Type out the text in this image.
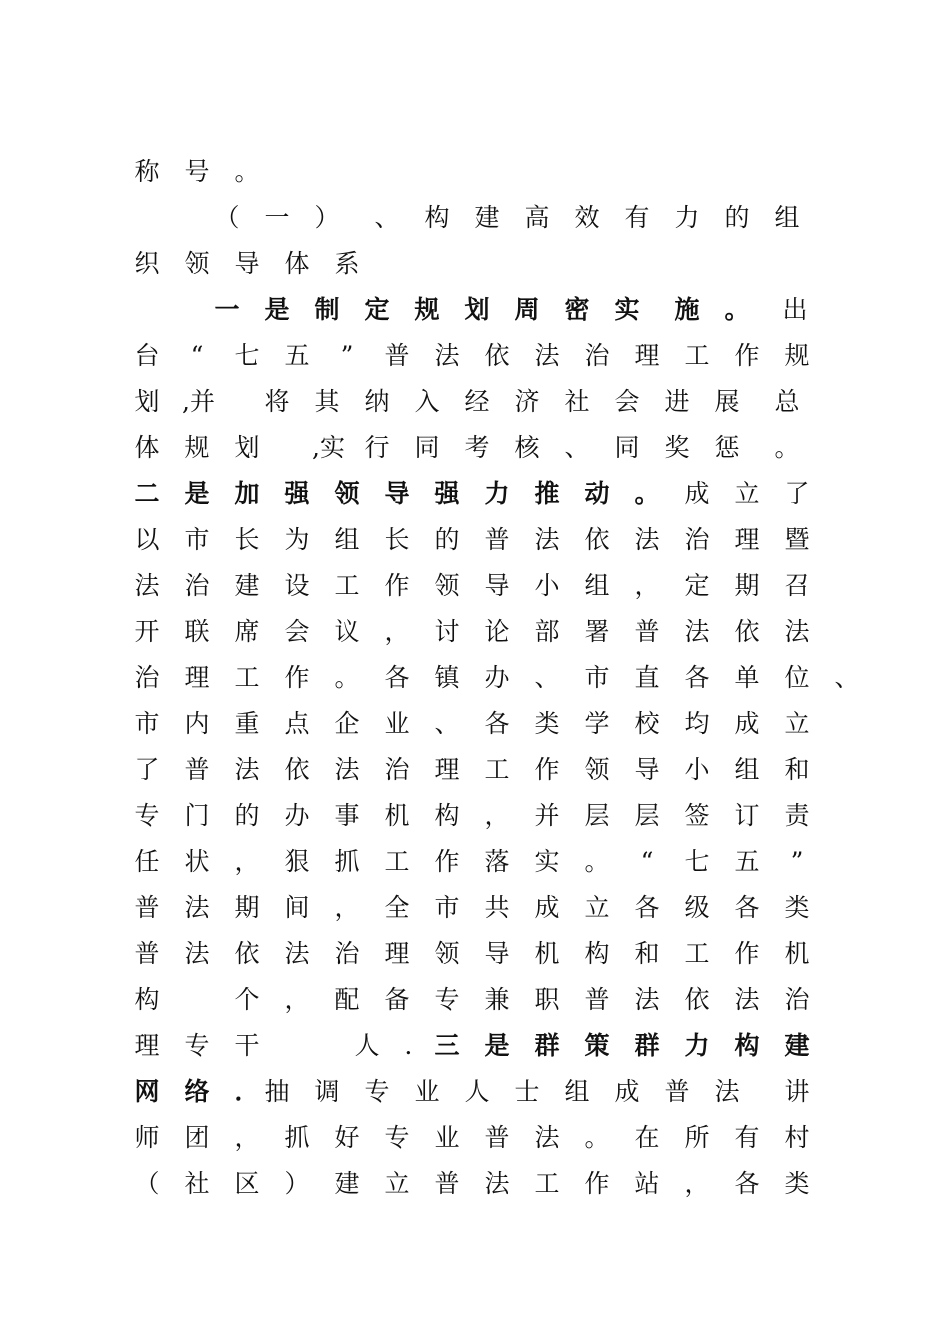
称 号 。
（ 一 ） 、 构 建 高 效 有 力 的 组
织 领 导 体 系
一 是 制 定 规 划 周 密 实 施 。 出
台	“	七 五	”	普 法 依 法 治 理 工 作 规
划 ,并	将 其 纳 入 经 济 社 会 进 展 总
体 规 划 ,实 行 同 考 核 、 同 奖 惩 。
二 是 加 强 领 导 强 力 推 动 。 成 立 了
以 市 长 为 组 长 的 普 法 依 法 治 理 暨
法 治 建 设 工 作 领 导 小 组 ， 定 期 召
开 联 席 会 议 ， 讨 论 部 署 普 法 依 法
治 理 工 作 。 各 镇 办 、 市 直 各 单 位 、
市 内 重 点 企 业 、 各 类 学 校 均 成 立
了 普 法 依 法 治 理 工 作 领 导 小 组 和
专 门 的 办 事 机 构 ， 并 层 层 签 订 责
任 状 ， 狠 抓 工 作 落 实 。	“	七 五	”
普 法 期 间 ， 全 市 共 成 立 各 级 各 类
普 法 依 法 治 理 领 导 机 构 和 工 作 机
构	个 ， 配 备 专 兼 职 普 法 依 法 治
理 专 干	人 ． 三 是 群 策 群 力 构 建
网 络 ． 抽 调 专 业 人 士 组 成 普 法 讲
师 团 ， 抓 好 专 业 普 法 。 在 所 有 村
（ 社 区 ） 建 立 普 法 工 作 站 ， 各 类
